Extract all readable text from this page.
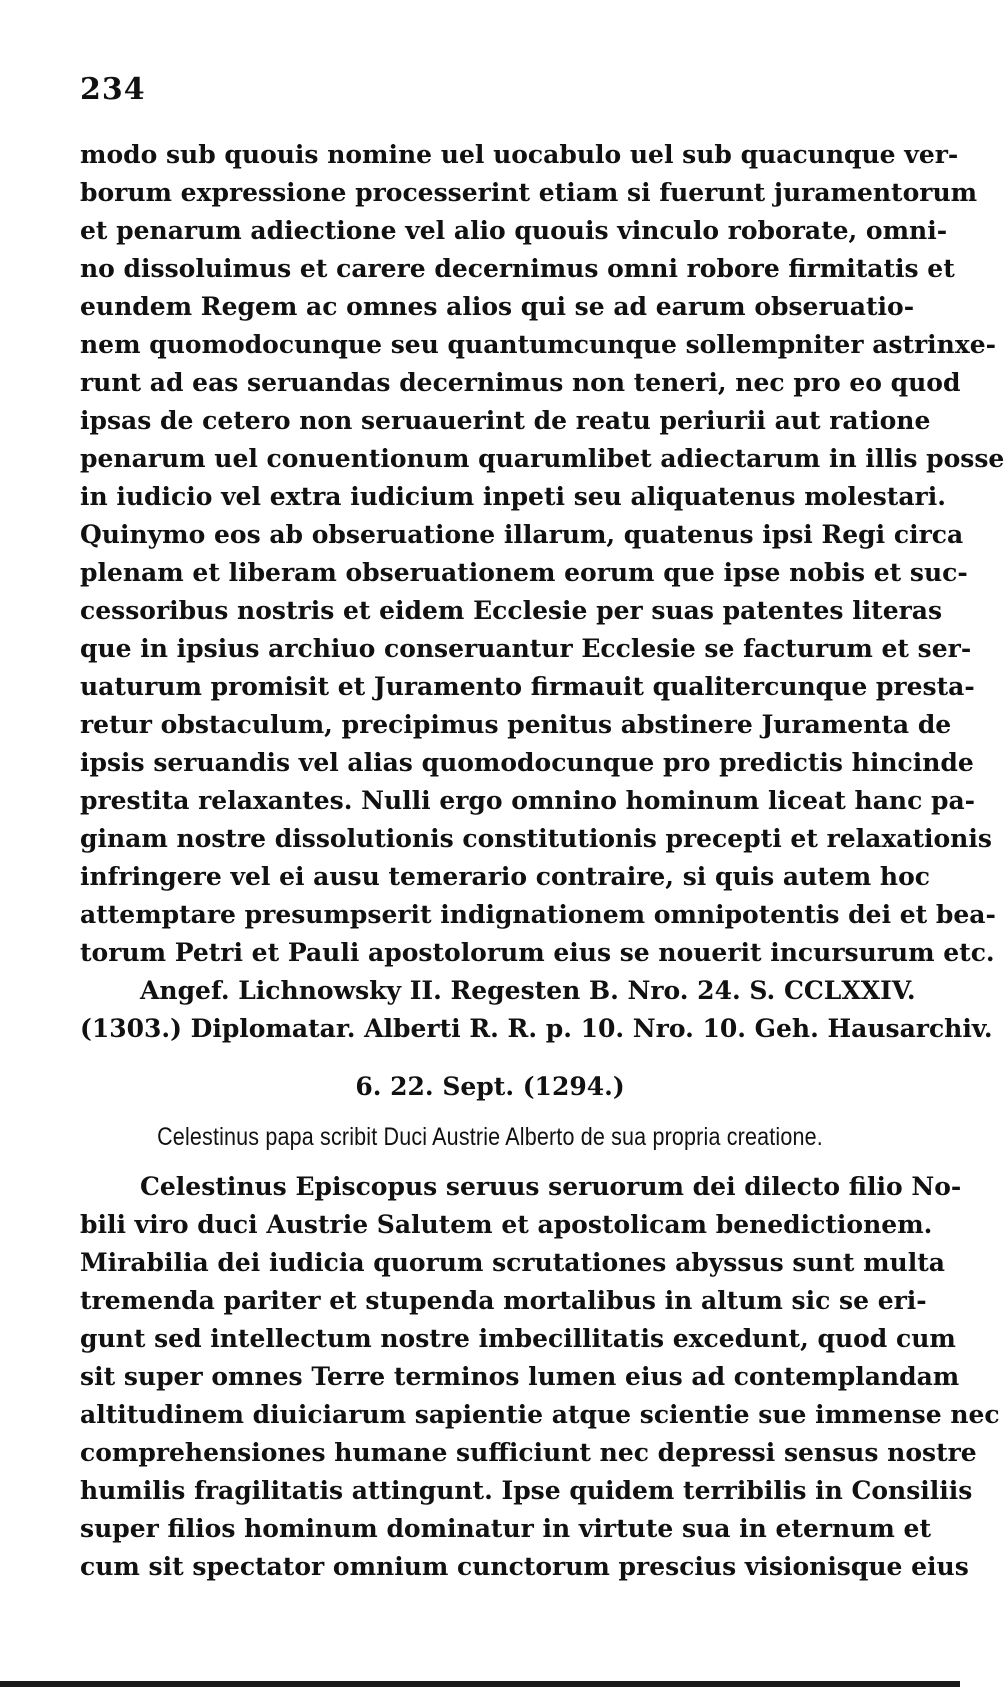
234
modo sub quouis nomine uel uocabulo uel sub quacunque ver-
borum expressione processerint etiam si fuerunt juramentorum
et penarum adiectione vel alio quouis vinculo roborate, omni-
no dissoluimus et carere decernimus omni robore firmitatis et
eundem Regem ac omnes alios qui se ad earum obseruatio-
nem quomodocunque seu quantumcunque sollempniter astrinxe-
runt ad eas seruandas decernimus non teneri, nec pro eo quod
ipsas de cetero non seruauerint de reatu periurii aut ratione
penarum uel conuentionum quarumlibet adiectarum in illis posse
in iudicio vel extra iudicium inpeti seu aliquatenus molestari.
Quinymo eos ab obseruatione illarum, quatenus ipsi Regi circa
plenam et liberam obseruationem eorum que ipse nobis et suc-
cessoribus nostris et eidem Ecclesie per suas patentes literas
que in ipsius archiuo conseruantur Ecclesie se facturum et ser-
uaturum promisit et Juramento firmauit qualitercunque presta-
retur obstaculum, precipimus penitus abstinere Juramenta de
ipsis seruandis vel alias quomodocunque pro predictis hincinde
prestita relaxantes. Nulli ergo omnino hominum liceat hanc pa-
ginam nostre dissolutionis constitutionis precepti et relaxationis
infringere vel ei ausu temerario contraire, si quis autem hoc
attemptare presumpserit indignationem omnipotentis dei et bea-
torum Petri et Pauli apostolorum eius se nouerit incursurum etc.
Angef. Lichnowsky II. Regesten B. Nro. 24. S. CCLXXIV.
(1303.) Diplomatar. Alberti R. R. p. 10. Nro. 10. Geh. Hausarchiv.
6. 22. Sept. (1294.)
Celestinus papa scribit Duci Austrie Alberto de sua propria creatione.
Celestinus Episcopus seruus seruorum dei dilecto filio No-
bili viro duci Austrie Salutem et apostolicam benedictionem.
Mirabilia dei iudicia quorum scrutationes abyssus sunt multa
tremenda pariter et stupenda mortalibus in altum sic se eri-
gunt sed intellectum nostre imbecillitatis excedunt, quod cum
sit super omnes Terre terminos lumen eius ad contemplandam
altitudinem diuiciarum sapientie atque scientie sue immense nec
comprehensiones humane sufficiunt nec depressi sensus nostre
humilis fragilitatis attingunt. Ipse quidem terribilis in Consiliis
super filios hominum dominatur in virtute sua in eternum et
cum sit spectator omnium cunctorum prescius visionisque eius
